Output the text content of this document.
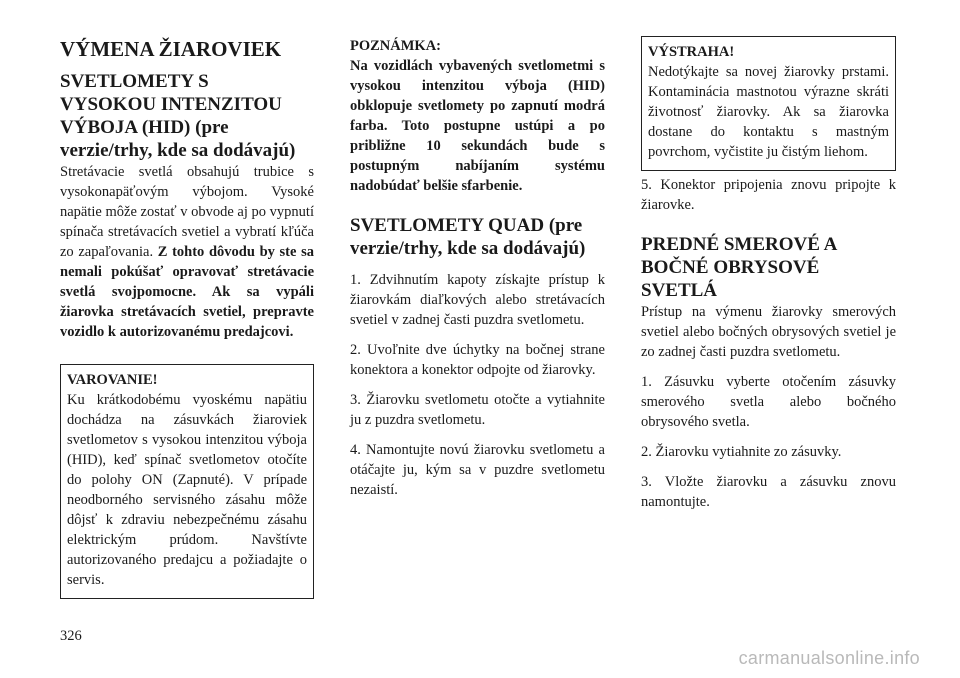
VÝMENA ŽIAROVIEK
SVETLOMETY S
VYSOKOU INTENZITOU
VÝBOJA (HID) (pre
verzie/trhy, kde sa dodávajú)

Stretávacie svetlá obsahujú trubice s vysokonapäťovým výbojom. Vysoké napätie môže zostať v obvode aj po vypnutí spínača stretávacích svetiel a vybratí kľúča zo zapaľovania. Z tohto dôvodu by ste sa nemali pokúšať opravovať stretávacie svetlá svojpomocne. Ak sa vypáli žiarovka stretávacích svetiel, prepravte vozidlo k autorizovanému predajcovi.

VAROVANIE!

Ku krátkodobému vyoskému napätiu dochádza na zásuvkách žiaroviek svetlometov s vysokou intenzitou výboja (HID), keď spínač svetlometov otočíte do polohy ON (Zapnuté). V prípade neodborného servisného zásahu môže dôjsť k zdraviu nebezpečnému zásahu elektrickým prúdom. Navštívte autorizovaného predajcu a požiadajte o servis.

POZNÁMKA:

Na vozidlách vybavených svetlometmi s vysokou intenzitou výboja (HID) obklopuje svetlomety po zapnutí modrá farba. Toto postupne ustúpi a po približne 10 sekundách bude s postupným nabíjaním systému nadobúdať belšie sfarbenie.

SVETLOMETY QUAD (pre
verzie/trhy, kde sa dodávajú)

1. Zdvihnutím kapoty získajte prístup k žiarovkám diaľkových alebo stretávacích svetiel v zadnej časti puzdra svetlometu.

2. Uvoľnite dve úchytky na bočnej strane konektora a konektor odpojte od žiarovky.

3. Žiarovku svetlometu otočte a vytiahnite ju z puzdra svetlometu.

4. Namontujte novú žiarovku svetlometu a otáčajte ju, kým sa v puzdre svetlometu nezaistí.

VÝSTRAHA!

Nedotýkajte sa novej žiarovky prstami. Kontaminácia mastnotou výrazne skráti životnosť žiarovky. Ak sa žiarovka dostane do kontaktu s mastným povrchom, vyčistite ju čistým liehom.

5. Konektor pripojenia znovu pripojte k žiarovke.

PREDNÉ SMEROVÉ A
BOČNÉ OBRYSOVÉ
SVETLÁ

Prístup na výmenu žiarovky smerových svetiel alebo bočných obrysových svetiel je zo zadnej časti puzdra svetlometu.

1. Zásuvku vyberte otočením zásuvky smerového svetla alebo bočného obrysového svetla.

2. Žiarovku vytiahnite zo zásuvky.

3. Vložte žiarovku a zásuvku znovu namontujte.

326
carmanualsonline.info
